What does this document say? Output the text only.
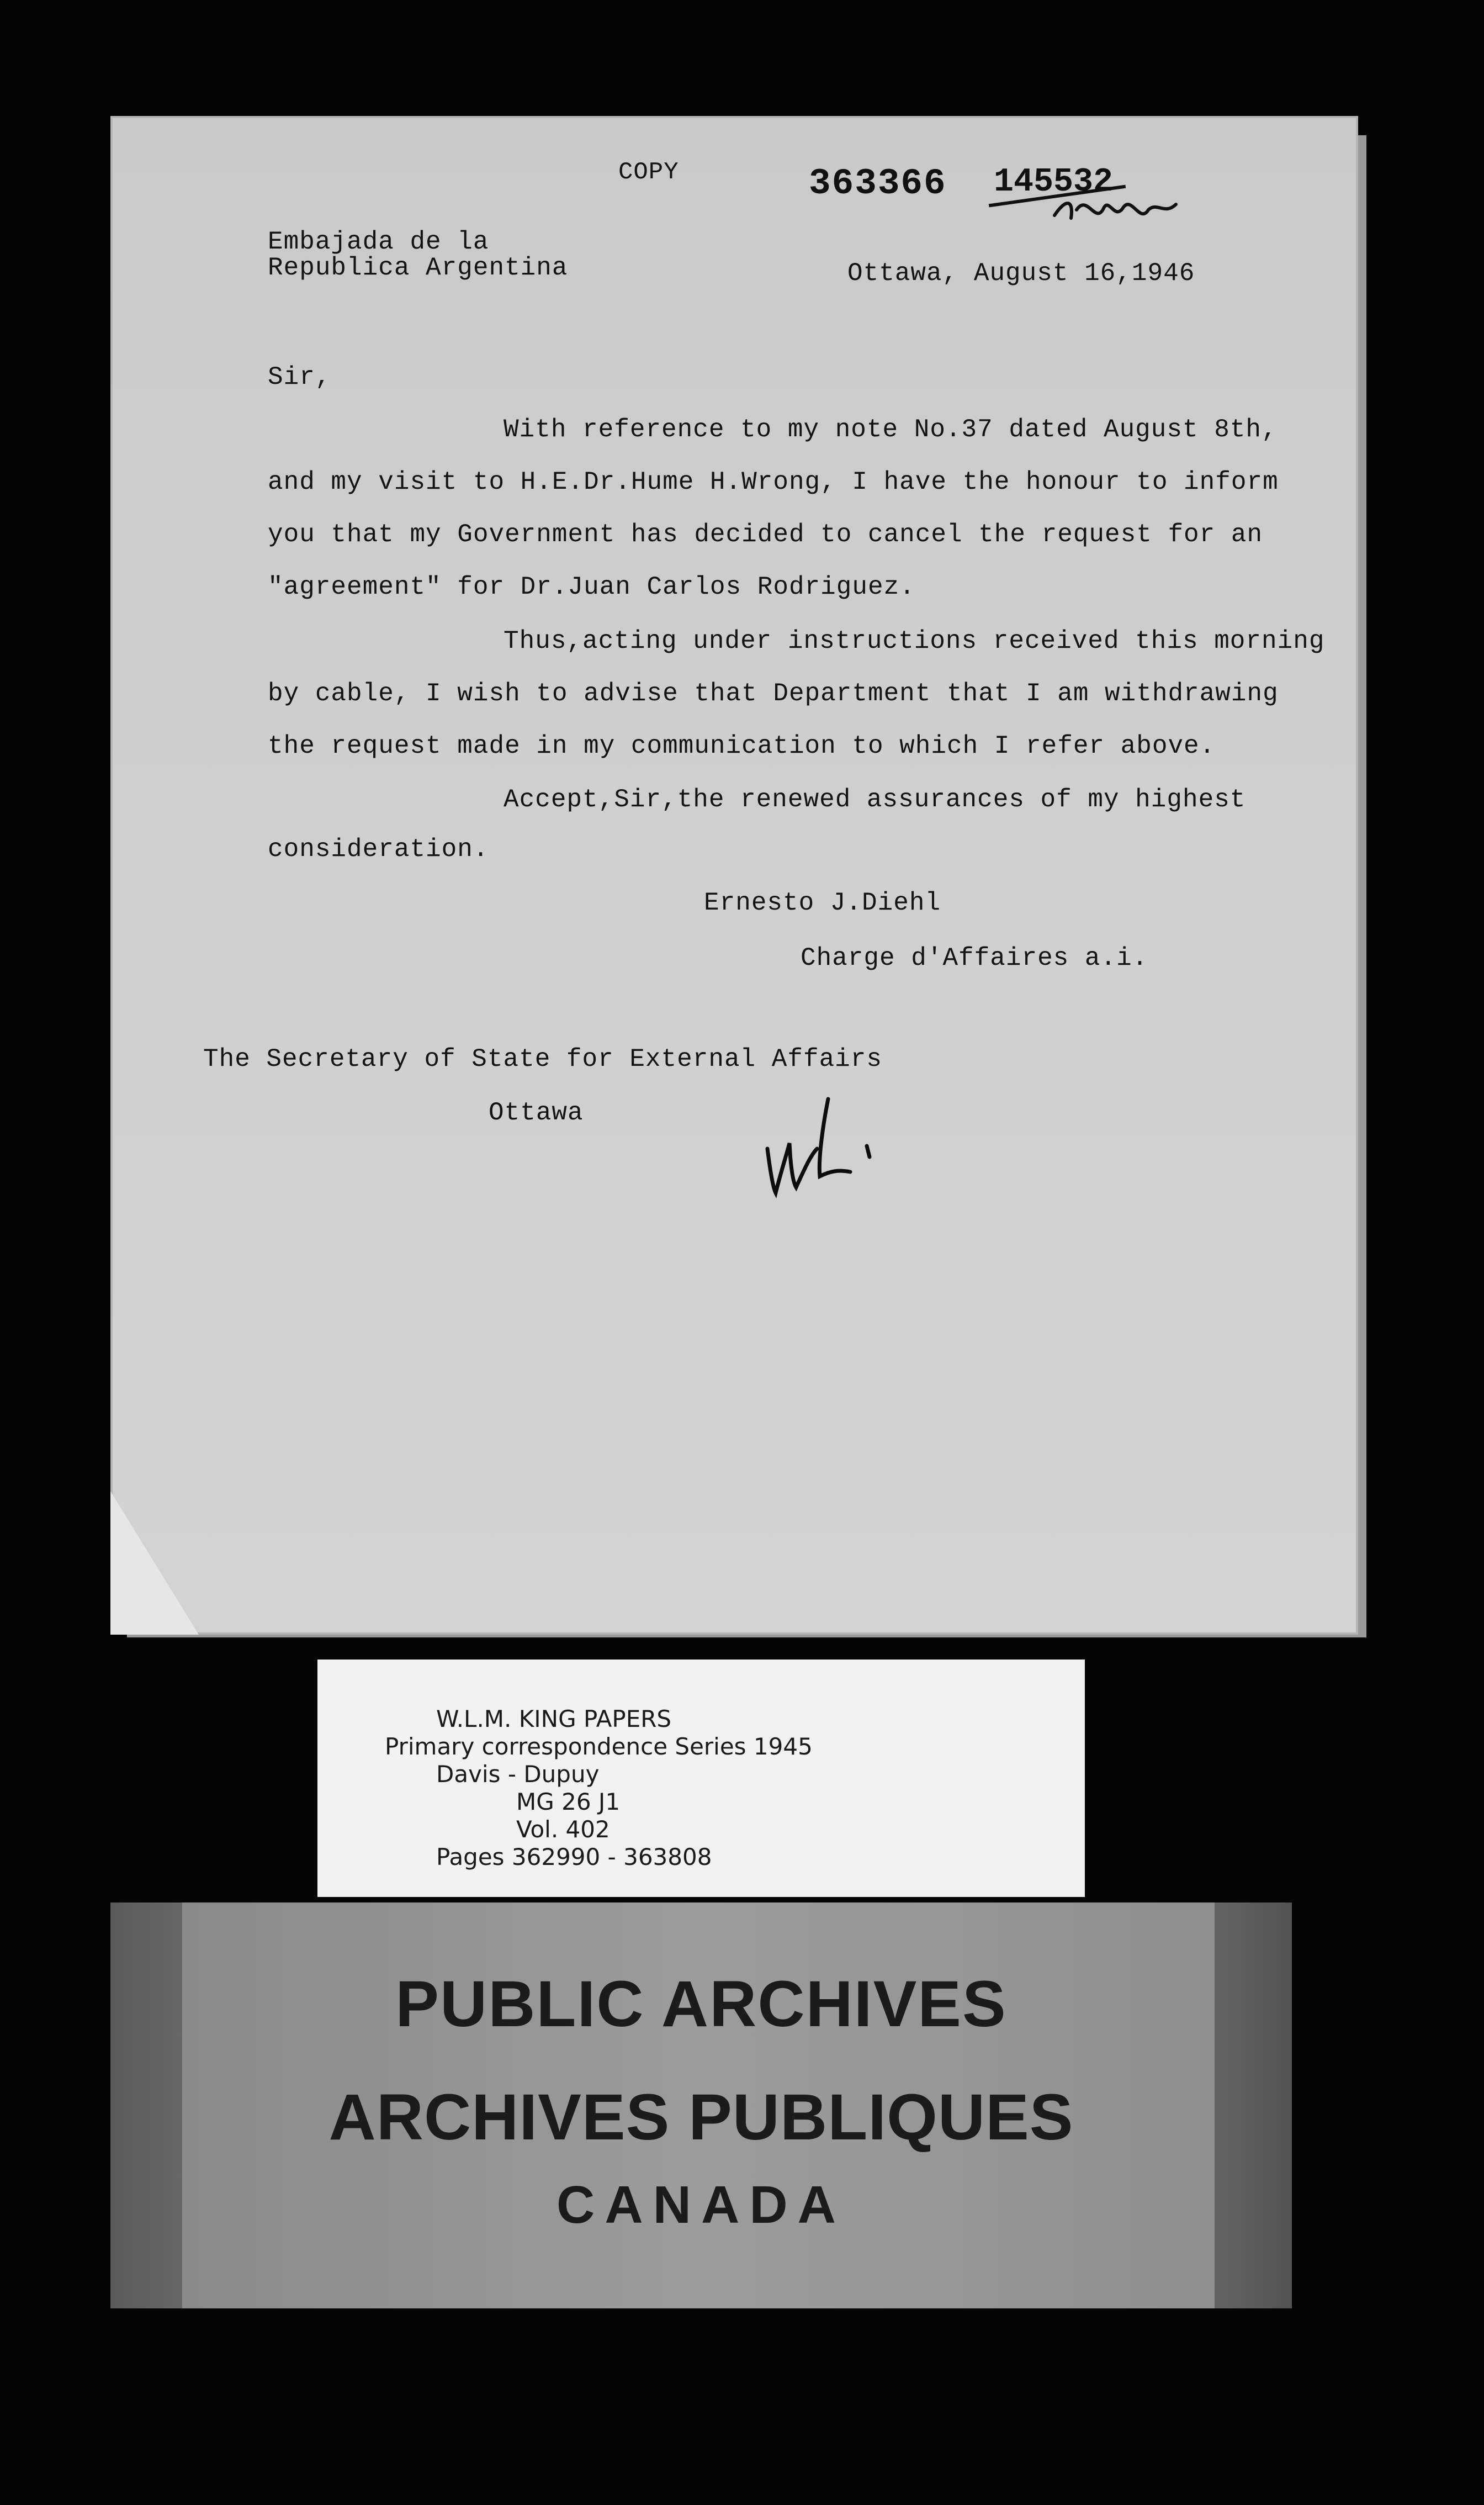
COPY	363366 145532
Embajada de la
Republica Argentina	Ottawa, August 16,1946
Sir,
With reference to my note No.37 dated August 8th,
and my visit to H.E.Dr.Hume H.Wrong, I have the honour to inform
you that my Government has decided to cancel the request for an
"agreement" for Dr.Juan Carlos Rodriguez.
Thus,acting under instructions received this morning
by cable, I wish to advise that Department that I am withdrawing
the request made in my communication to which I refer above.
Accept,Sir,the renewed assurances of my highest
consideration.
Ernesto J.Diehl
Charge d'Affaires a.i.
The Secretary of State for External Affairs
Ottawa
W.L.M. KING PAPERS
Primary correspondence Series 1945
Davis - Dupuy
MG 26 J1
Vol. 402
Pages 362990 - 363808
PUBLIC ARCHIVES
ARCHIVES PUBLIQUES
CANADA
